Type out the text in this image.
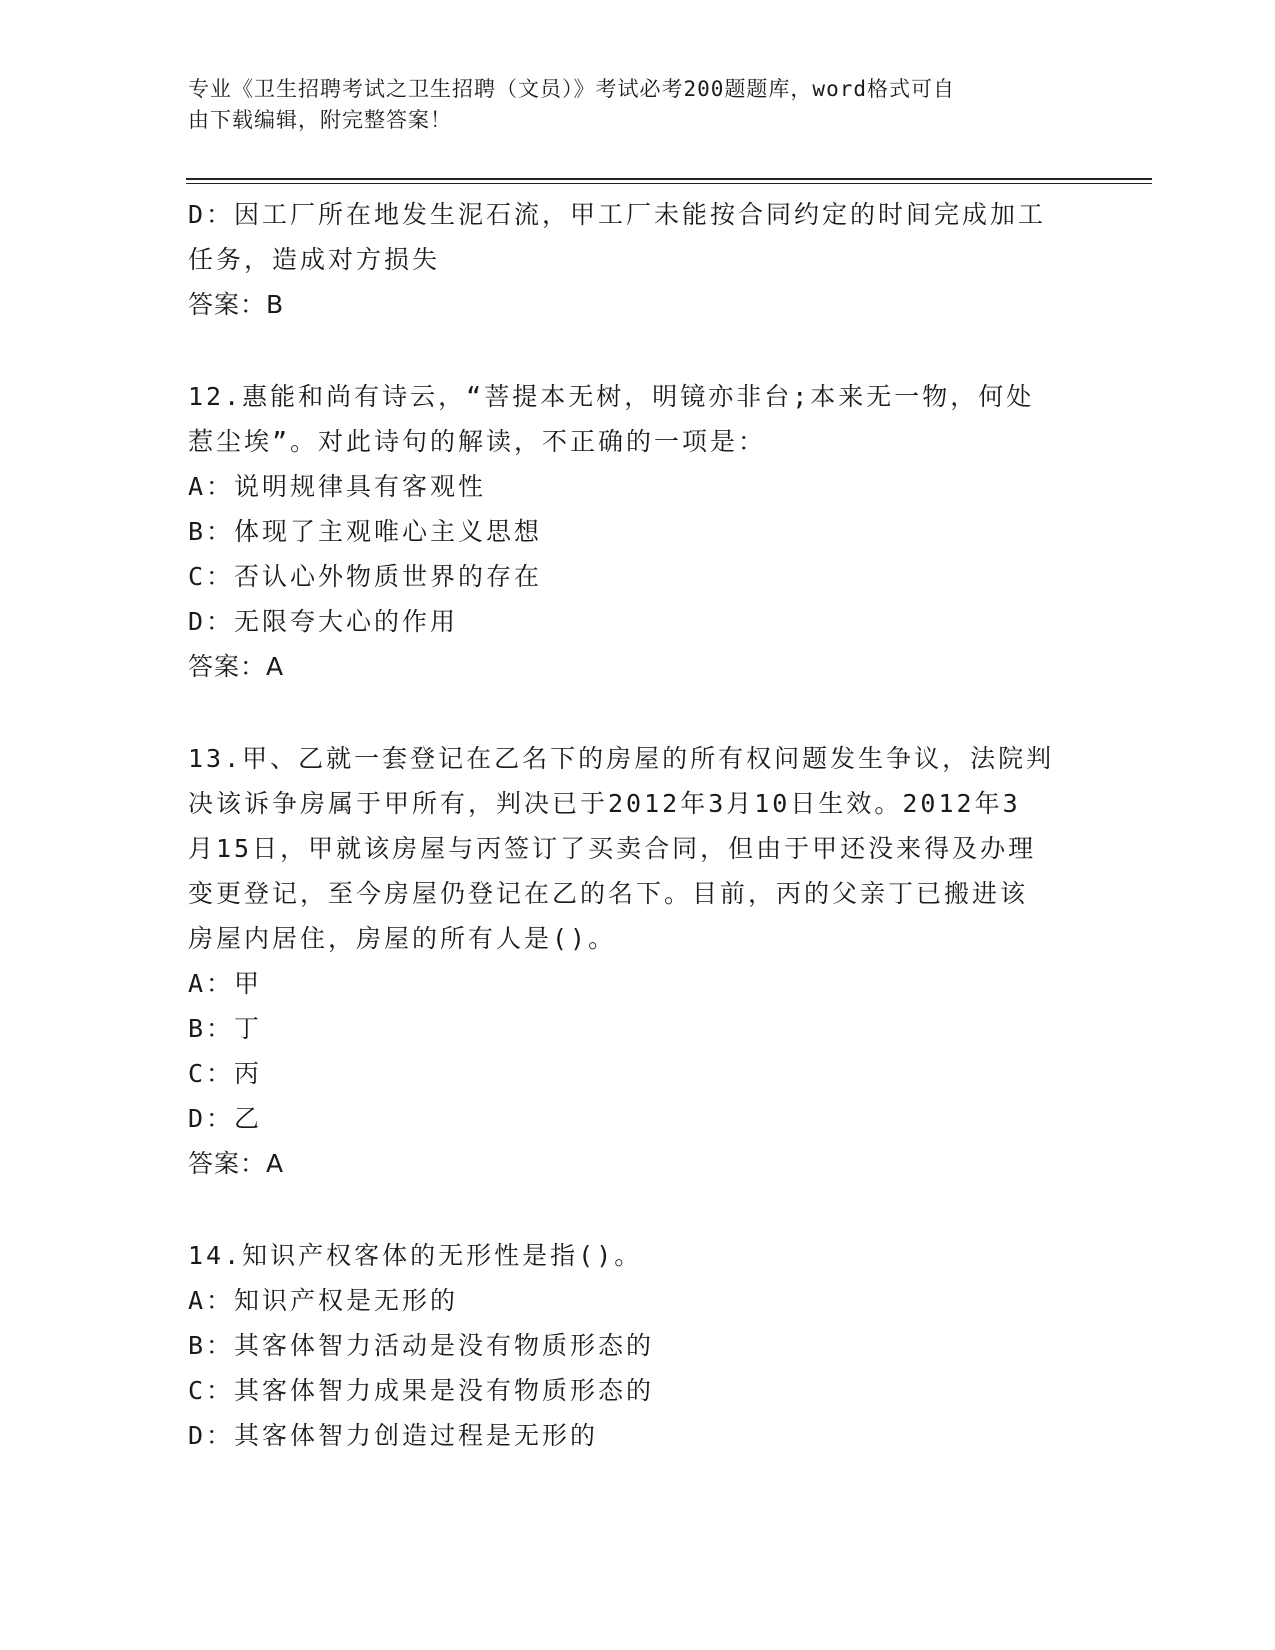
专业《卫生招聘考试之卫生招聘（文员）》考试必考200题题库，word格式可自
由下载编辑，附完整答案！
D：因工厂所在地发生泥石流，甲工厂未能按合同约定的时间完成加工
任务，造成对方损失
答案：B
12.惠能和尚有诗云，“菩提本无树，明镜亦非台;本来无一物，何处
惹尘埃”。对此诗句的解读，不正确的一项是：
A：说明规律具有客观性
B：体现了主观唯心主义思想
C：否认心外物质世界的存在
D：无限夸大心的作用
答案：A
13.甲、乙就一套登记在乙名下的房屋的所有权问题发生争议，法院判
决该诉争房属于甲所有，判决已于2012年3月10日生效。2012年3
月15日，甲就该房屋与丙签订了买卖合同，但由于甲还没来得及办理
变更登记，至今房屋仍登记在乙的名下。目前，丙的父亲丁已搬进该
房屋内居住，房屋的所有人是()。
A：甲
B：丁
C：丙
D：乙
答案：A
14.知识产权客体的无形性是指()。
A：知识产权是无形的
B：其客体智力活动是没有物质形态的
C：其客体智力成果是没有物质形态的
D：其客体智力创造过程是无形的
